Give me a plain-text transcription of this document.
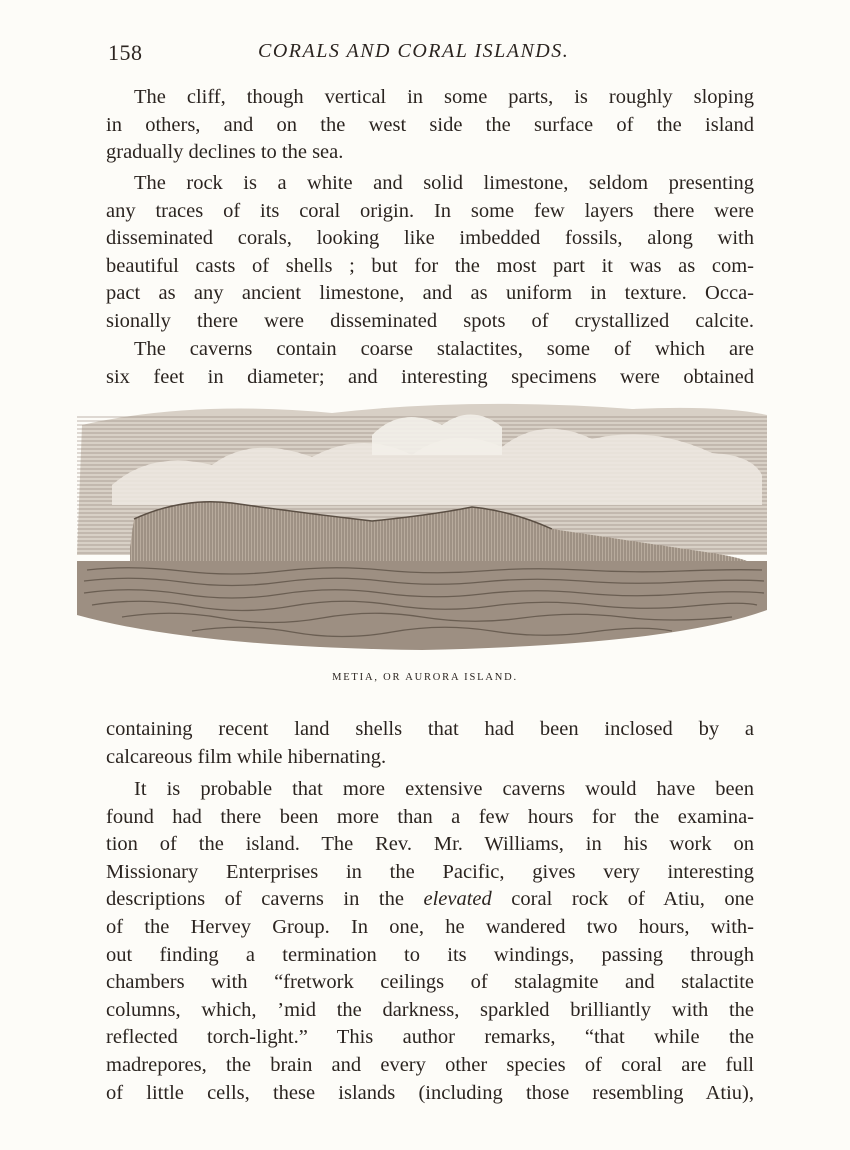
158	CORALS AND CORAL ISLANDS.

The cliff, though vertical in some parts, is roughly sloping
in others, and on the west side the surface of the island
gradually declines to the sea.

The rock is a white and solid limestone, seldom presenting
any traces of its coral origin. In some few layers there were
disseminated corals, looking like imbedded fossils, along with
beautiful casts of shells ; but for the most part it was as com-
pact as any ancient limestone, and as uniform in texture. Occa-
sionally there were disseminated spots of crystallized calcite.

The caverns contain coarse stalactites, some of which are
six feet in diameter; and interesting specimens were obtained

METIA, OR AURORA ISLAND.

containing recent land shells that had been inclosed by a
calcareous film while hibernating.

It is probable that more extensive caverns would have been
found had there been more than a few hours for the examina-
tion of the island. The Rev. Mr. Williams, in his work on
Missionary Enterprises in the Pacific, gives very interesting
descriptions of caverns in the elevated coral rock of Atiu, one
of the Hervey Group. In one, he wandered two hours, with-
out finding a termination to its windings, passing through
chambers with “fretwork ceilings of stalagmite and stalactite
columns, which, ’mid the darkness, sparkled brilliantly with the
reflected torch-light.” This author remarks, “that while the
madrepores, the brain and every other species of coral are full
of little cells, these islands (including those resembling Atiu),
